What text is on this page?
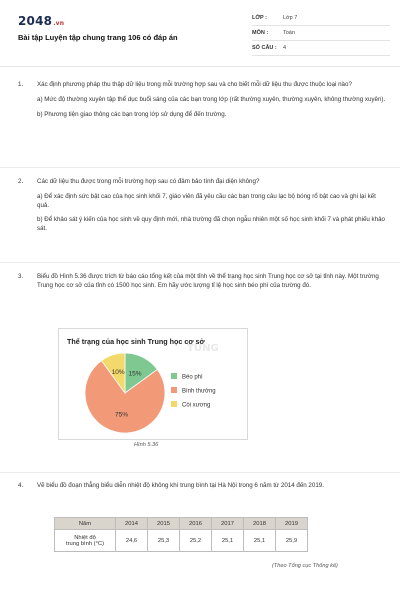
2048.vn
Bài tập Luyện tập chung trang 106 có đáp án
LỚP :	Lớp 7
MÔN :	Toán
SỐ CÂU :	4
1. Xác định phương pháp thu thập dữ liệu trong mỗi trường hợp sau và cho biết mỗi dữ liệu thu được thuộc loại nào?

a) Mức độ thường xuyên tập thể dục buổi sáng của các bạn trong lớp (rất thường xuyên, thường xuyên, không thường xuyên).

b) Phương tiện giao thông các bạn trong lớp sử dụng để đến trường.

2. Các dữ liệu thu được trong mỗi trường hợp sau có đảm bảo tính đại diện không?

a) Để xác định sức bật cao của học sinh khối 7, giáo viên đã yêu cầu các bạn trong câu lạc bộ bóng rổ bật cao và ghi lại kết quả.

b) Để khảo sát ý kiến của học sinh về quy định mới, nhà trường đã chọn ngẫu nhiên một số học sinh khối 7 và phát phiếu khảo sát.

3. Biểu đồ Hình 5.36 được trích từ báo cáo tổng kết của một tỉnh về thể trạng học sinh Trung học cơ sở tại tỉnh này. Một trường Trung học cơ sở của tỉnh có 1500 học sinh. Em hãy ước lượng tỉ lệ học sinh béo phì của trường đó.
TỪNG
15%
75%
10%
Béo phì
Bình thường
Còi xương
Thể trạng của học sinh Trung học cơ sở
Hình 5.36
4. Vẽ biểu đồ đoạn thẳng biểu diễn nhiệt độ không khí trung bình tại Hà Nội trong 6 năm từ 2014 đến 2019.
Năm	2014	2015	2016	2017	2018	2019
Nhiệt độ
trung bình (°C)	24,6	25,3	25,2	25,1	25,1	25,9
(Theo Tổng cục Thống kê)
